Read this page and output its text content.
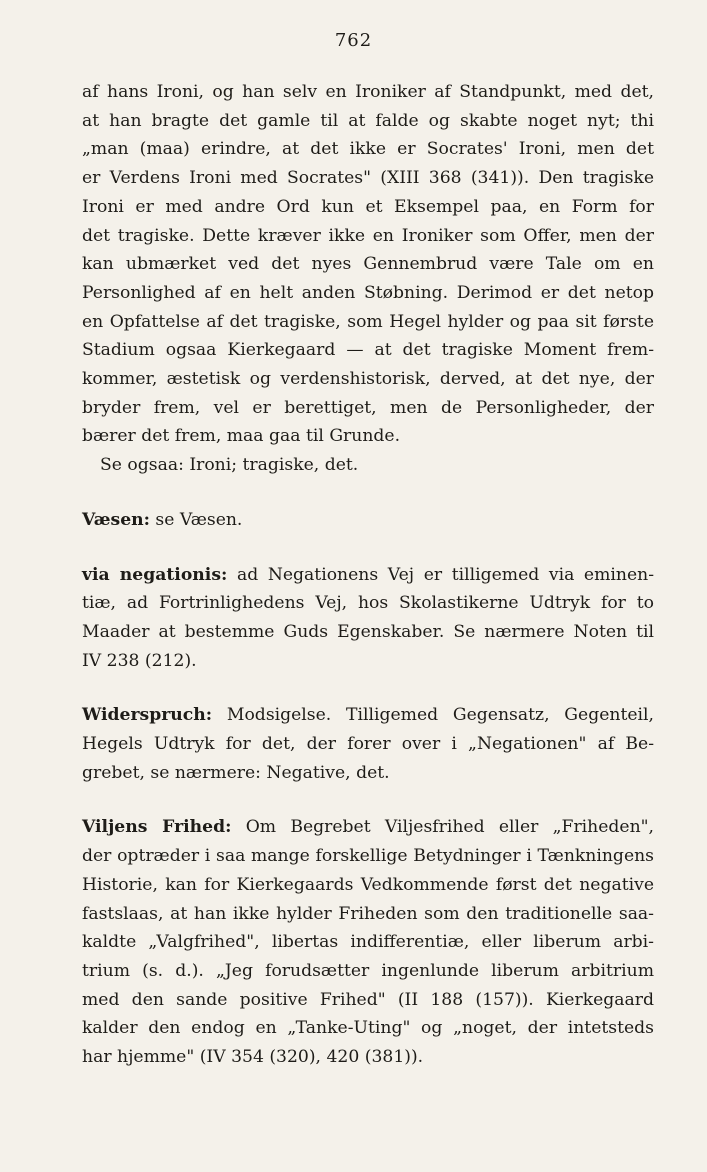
762

af hans Ironi, og han selv en Ironiker af Standpunkt, med det,
at han bragte det gamle til at falde og skabte noget nyt; thi
„man (maa) erindre, at det ikke er Socrates' Ironi, men det
er Verdens Ironi med Socrates" (XIII 368 (341)). Den tragiske
Ironi er med andre Ord kun et Eksempel paa, en Form for
det tragiske. Dette kræver ikke en Ironiker som Offer, men der
kan ubmærket ved det nyes Gennembrud være Tale om en
Personlighed af en helt anden Støbning. Derimod er det netop
en Opfattelse af det tragiske, som Hegel hylder og paa sit første
Stadium ogsaa Kierkegaard — at det tragiske Moment frem-
kommer, æstetisk og verdenshistorisk, derved, at det nye, der
bryder frem, vel er berettiget, men de Personligheder, der
bærer det frem, maa gaa til Grunde.
Se ogsaa: Ironi; tragiske, det.

Væsen: se Væsen.

via negationis: ad Negationens Vej er tilligemed via eminen-
tiæ, ad Fortrinlighedens Vej, hos Skolastikerne Udtryk for to
Maader at bestemme Guds Egenskaber. Se nærmere Noten til
IV 238 (212).

Widerspruch: Modsigelse. Tilligemed Gegensatz, Gegenteil,
Hegels Udtryk for det, der forer over i „Negationen" af Be-
grebet, se nærmere: Negative, det.

Viljens Frihed: Om Begrebet Viljesfrihed eller „Friheden",
der optræder i saa mange forskellige Betydninger i Tænkningens
Historie, kan for Kierkegaards Vedkommende først det negative
fastslaas, at han ikke hylder Friheden som den traditionelle saa-
kaldte „Valgfrihed", libertas indifferentiæ, eller liberum arbi-
trium (s. d.). „Jeg forudsætter ingenlunde liberum arbitrium
med den sande positive Frihed" (II 188 (157)). Kierkegaard
kalder den endog en „Tanke-Uting" og „noget, der intetsteds
har hjemme" (IV 354 (320), 420 (381)).
